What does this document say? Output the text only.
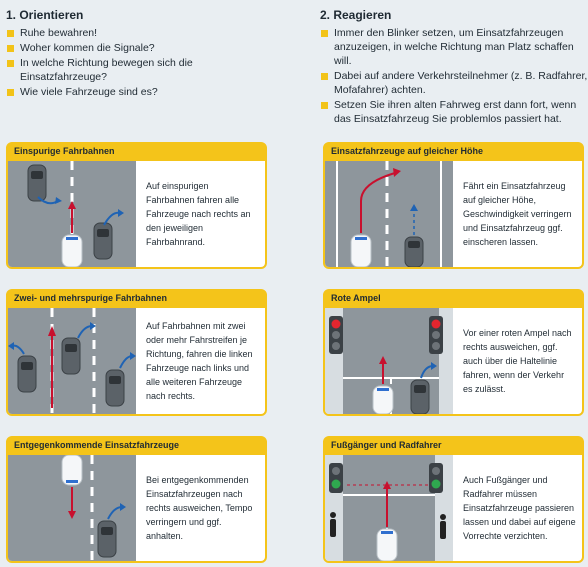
1. Orientieren
Ruhe bewahren!
Woher kommen die Signale?
In welche Richtung bewegen sich die Einsatzfahrzeuge?
Wie viele Fahrzeuge sind es?
2. Reagieren
Immer den Blinker setzen, um Einsatzfahrzeugen anzuzeigen, in welche Richtung man Platz schaffen will.
Dabei auf andere Verkehrsteilnehmer (z. B. Radfahrer, Mofafahrer) achten.
Setzen Sie ihren alten Fahrweg erst dann fort, wenn das Einsatzfahrzeug Sie problemlos passiert hat.
Einspurige Fahrbahnen
Auf einspurigen Fahrbahnen fahren alle Fahrzeuge nach rechts an den jeweiligen Fahrbahnrand.
Einsatzfahrzeuge auf gleicher Höhe
Fährt ein Einsatzfahrzeug auf gleicher Höhe, Geschwindigkeit verringern und Einsatzfahrzeug ggf. einscheren lassen.
Zwei- und mehrspurige Fahrbahnen
Auf Fahrbahnen mit zwei oder mehr Fahrstreifen je Richtung, fahren die linken Fahrzeuge nach links und alle weiteren Fahrzeuge nach rechts.
Rote Ampel
Vor einer roten Ampel nach rechts ausweichen, ggf. auch über die Haltelinie fahren, wenn der Verkehr es zulässt.
Entgegenkommende Einsatzfahrzeuge
Bei entgegenkommenden Einsatzfahrzeugen nach rechts ausweichen, Tempo verringern und ggf. anhalten.
Fußgänger und Radfahrer
Auch Fußgänger und Radfahrer müssen Einsatzfahrzeuge passieren lassen und dabei auf eigene Vorrechte verzichten.
